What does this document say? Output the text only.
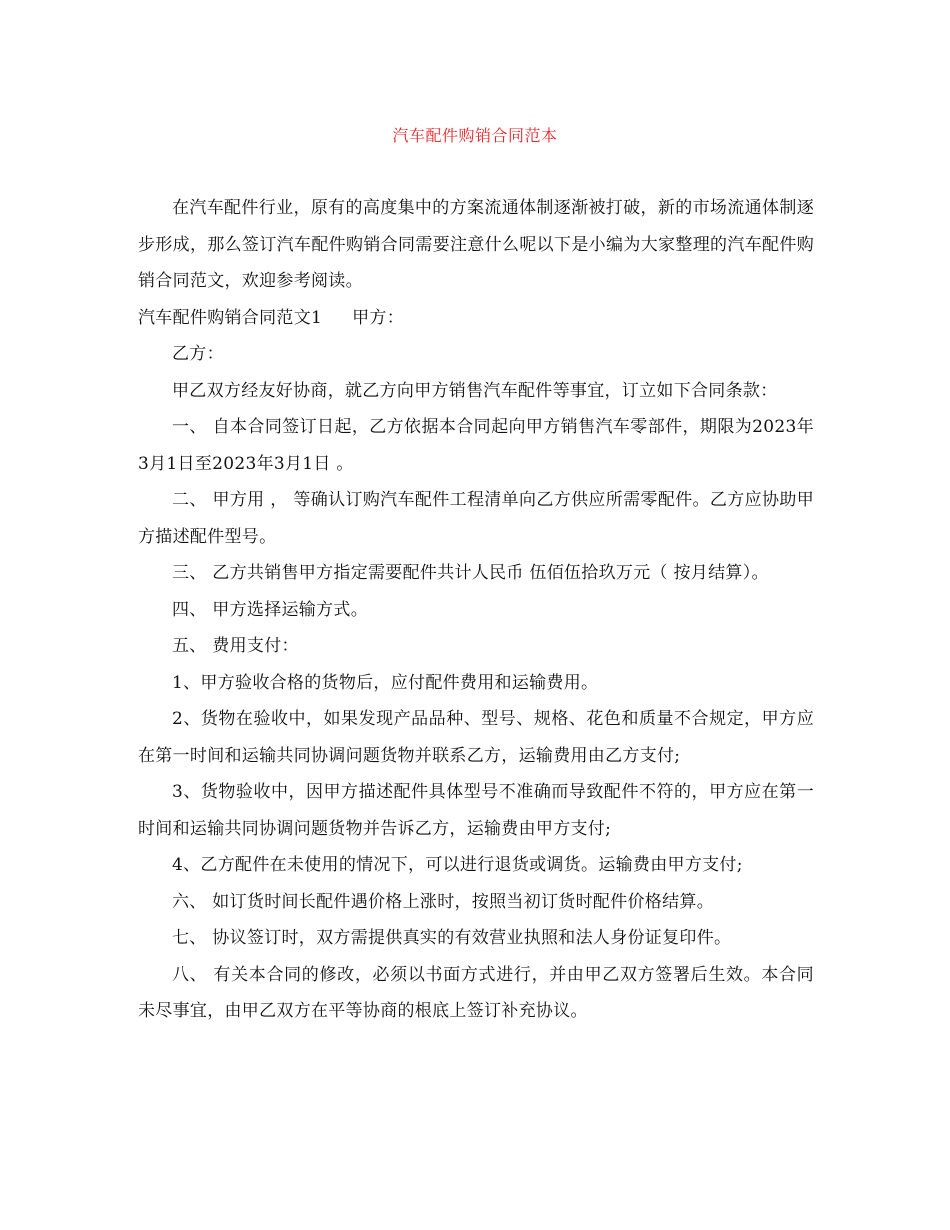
汽车配件购销合同范本

在汽车配件行业，原有的高度集中的方案流通体制逐渐被打破，新的市场流通体制逐步形成，那么签订汽车配件购销合同需要注意什么呢以下是小编为大家整理的汽车配件购销合同范文，欢迎参考阅读。

汽车配件购销合同范文1 甲方：

乙方：

甲乙双方经友好协商，就乙方向甲方销售汽车配件等事宜，订立如下合同条款：

一、 自本合同签订日起，乙方依据本合同起向甲方销售汽车零部件，期限为2023年3月1日至2023年3月1日 。

二、 甲方用 ， 等确认订购汽车配件工程清单向乙方供应所需零配件。乙方应协助甲方描述配件型号。

三、 乙方共销售甲方指定需要配件共计人民币 伍佰伍拾玖万元（ 按月结算）。

四、 甲方选择运输方式。

五、 费用支付：

1、甲方验收合格的货物后，应付配件费用和运输费用。

2、货物在验收中，如果发现产品品种、型号、规格、花色和质量不合规定，甲方应在第一时间和运输共同协调问题货物并联系乙方，运输费用由乙方支付;

3、货物验收中，因甲方描述配件具体型号不准确而导致配件不符的，甲方应在第一时间和运输共同协调问题货物并告诉乙方，运输费由甲方支付;

4、乙方配件在未使用的情况下，可以进行退货或调货。运输费由甲方支付;

六、 如订货时间长配件遇价格上涨时，按照当初订货时配件价格结算。

七、 协议签订时，双方需提供真实的有效营业执照和法人身份证复印件。

八、 有关本合同的修改，必须以书面方式进行，并由甲乙双方签署后生效。本合同未尽事宜，由甲乙双方在平等协商的根底上签订补充协议。
